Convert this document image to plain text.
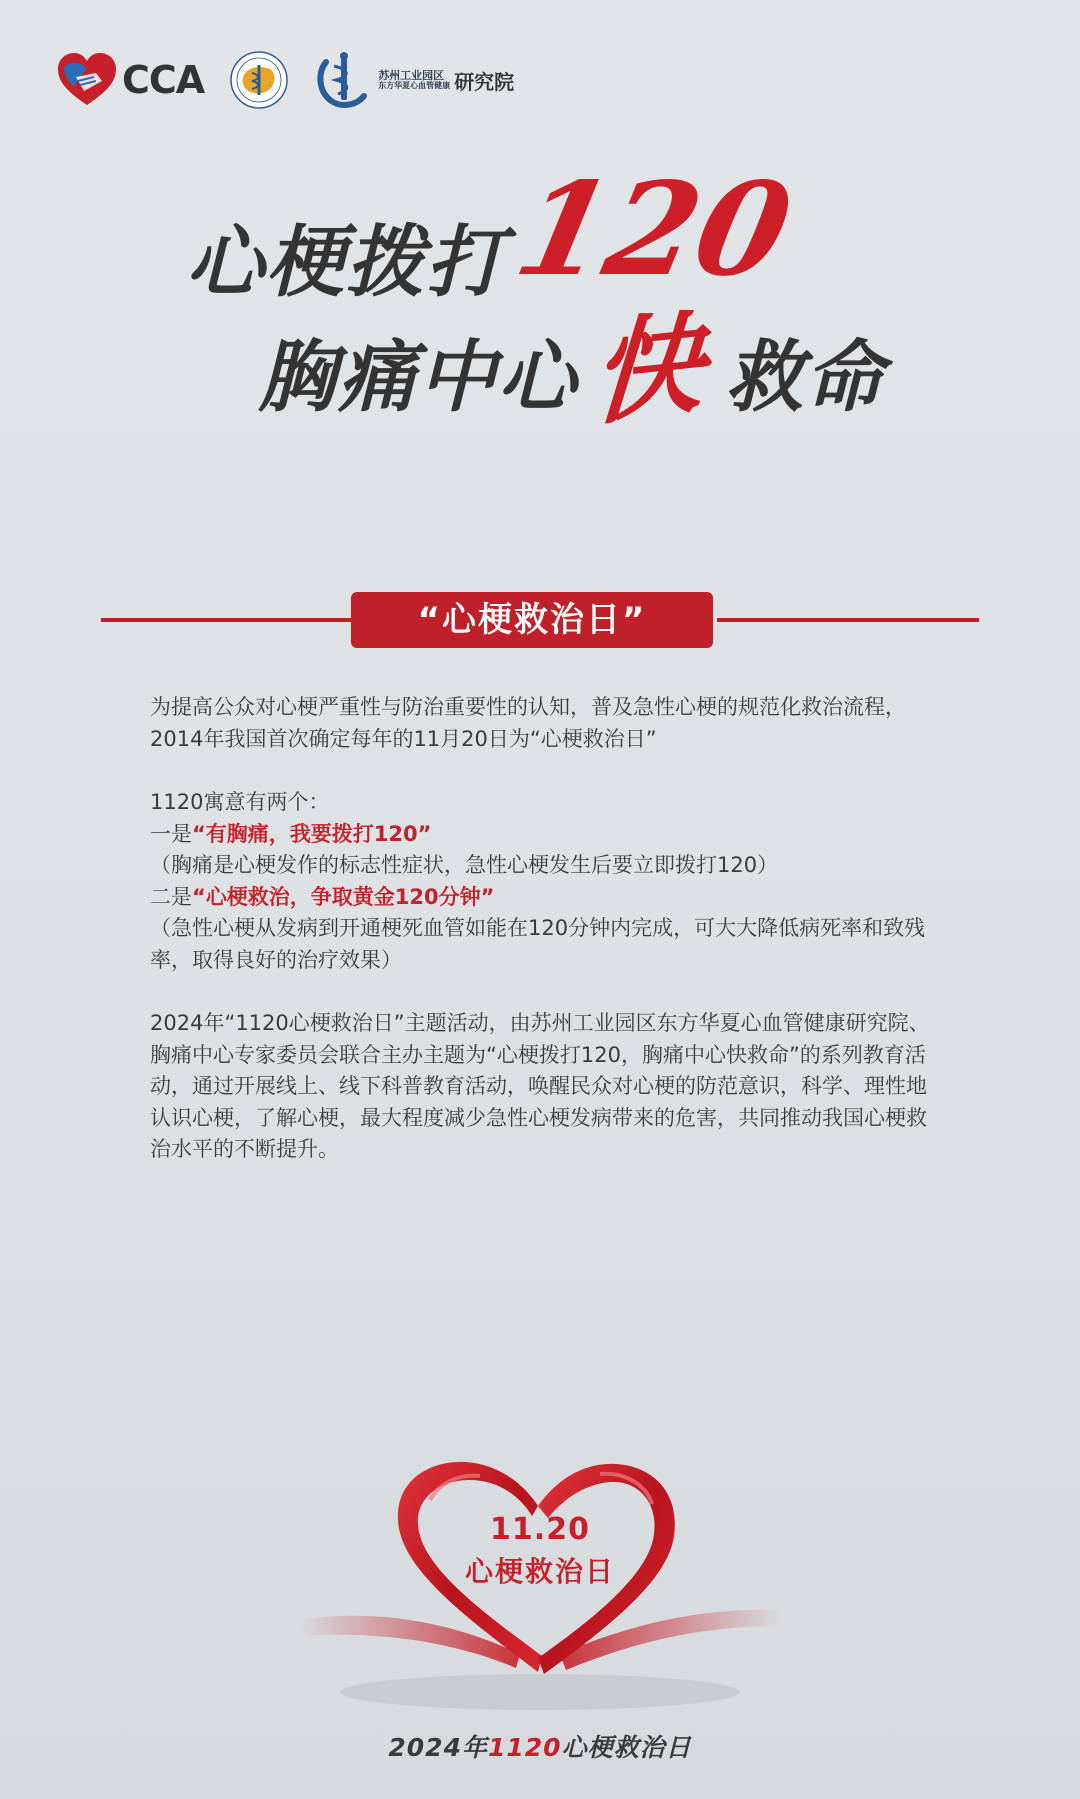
CCA	苏州工业园区
东方华夏心血管健康 研究院
心梗拨打
120
胸痛中心 快 救命
“心梗救治日”

为提高公众对心梗严重性与防治重要性的认知，普及急性心梗的规范化救治流程，2014年我国首次确定每年的11月20日为“心梗救治日”

1120寓意有两个：

一是“有胸痛，我要拨打120”

（胸痛是心梗发作的标志性症状，急性心梗发生后要立即拨打120）

二是“心梗救治，争取黄金120分钟”

（急性心梗从发病到开通梗死血管如能在120分钟内完成，可大大降低病死率和致残率，取得良好的治疗效果）

2024年“1120心梗救治日”主题活动，由苏州工业园区东方华夏心血管健康研究院、胸痛中心专家委员会联合主办主题为“心梗拨打120，胸痛中心快救命”的系列教育活动，通过开展线上、线下科普教育活动，唤醒民众对心梗的防范意识，科学、理性地认识心梗，了解心梗，最大程度减少急性心梗发病带来的危害，共同推动我国心梗救治水平的不断提升。

11.20
心梗救治日
2024年1120心梗救治日
